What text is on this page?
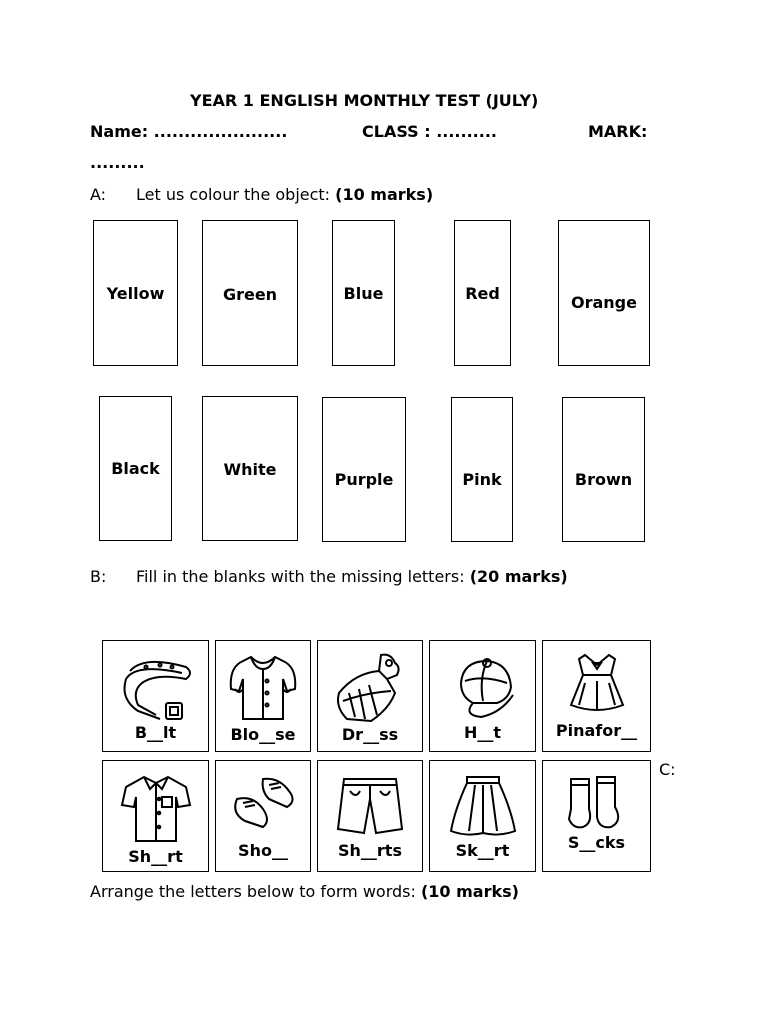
YEAR 1 ENGLISH MONTHLY TEST (JULY)
Name: ......................	CLASS : ..........	MARK:
.........
A: Let us colour the object: (10 marks)
Yellow	Green	Blue	Red	Orange
Black	White
Purple	Pink	Brown
B: Fill in the blanks with the missing letters: (20 marks)
B__lt	Blo__se	Dr__ss	H__t	Pinafor__
Sh__rt	Sho__	Sh__rts	Sk__rt	S__cks
C:
Arrange the letters below to form words: (10 marks)
